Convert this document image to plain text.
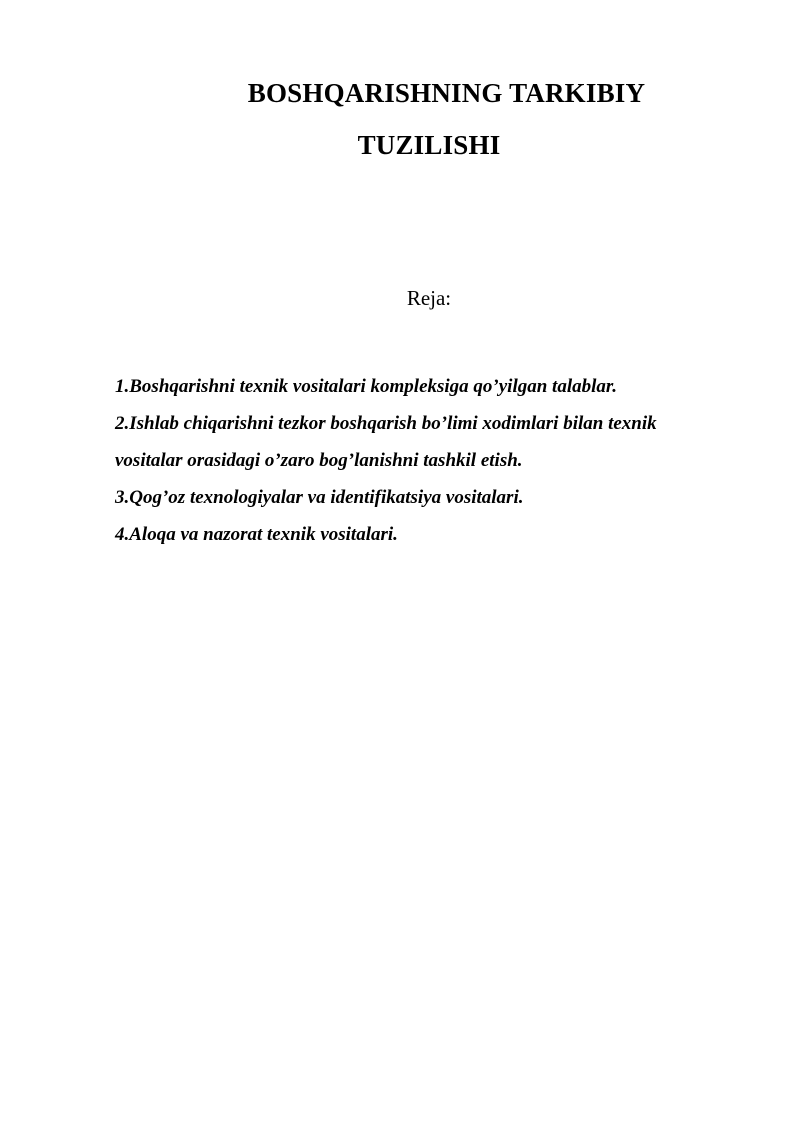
BOSHQARISHNING TARKIBIY
TUZILISHI
Reja:
1.Boshqarishni texnik vositalari kompleksiga qo’yilgan talablar.
2.Ishlab chiqarishni tezkor boshqarish bo’limi xodimlari bilan texnik
vositalar orasidagi o’zaro bog’lanishni tashkil etish.
3.Qog’oz texnologiyalar va identifikatsiya vositalari.
4.Aloqa va nazorat texnik vositalari.
